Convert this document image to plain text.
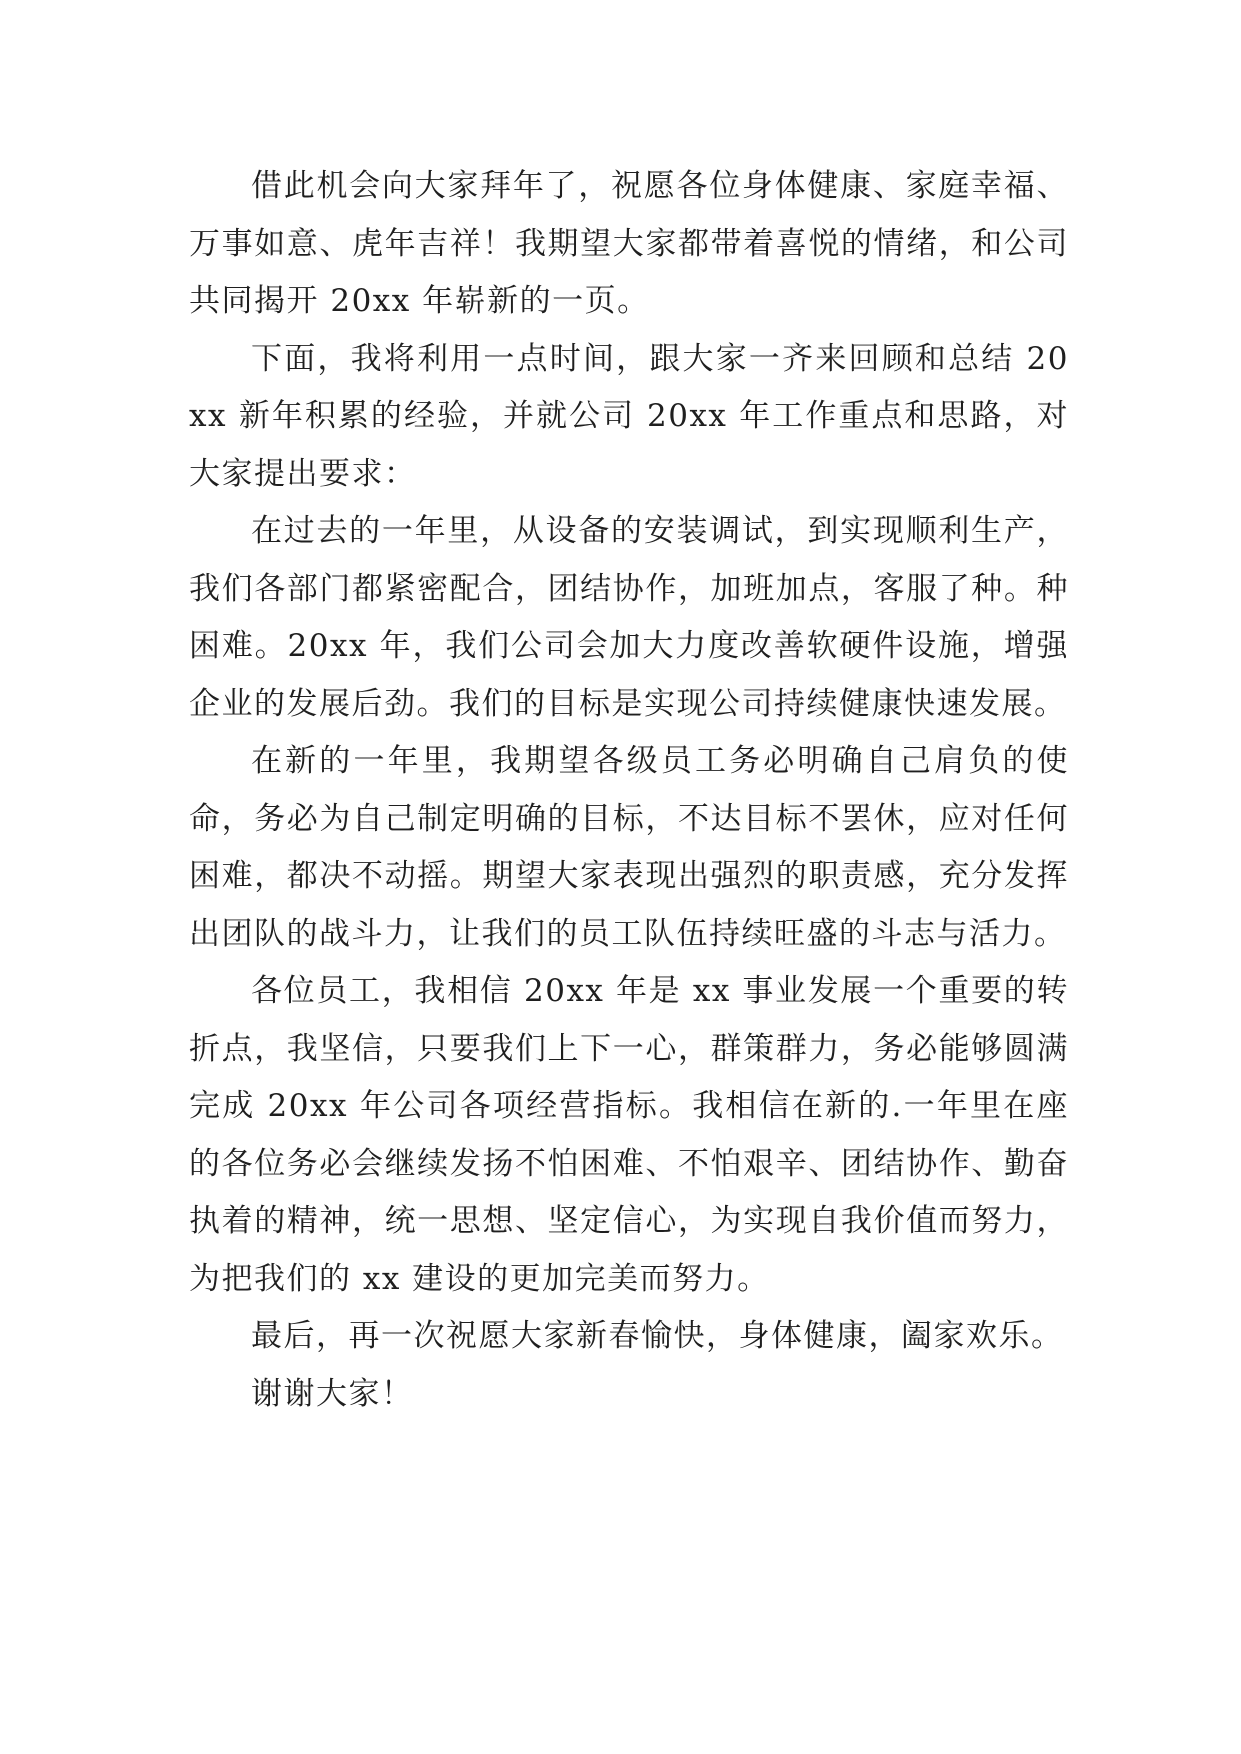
借此机会向大家拜年了，祝愿各位身体健康、家庭幸福、万事如意、虎年吉祥！我期望大家都带着喜悦的情绪，和公司共同揭开 20xx 年崭新的一页。

下面，我将利用一点时间，跟大家一齐来回顾和总结 20xx 新年积累的经验，并就公司 20xx 年工作重点和思路，对大家提出要求：

在过去的一年里，从设备的安装调试，到实现顺利生产，我们各部门都紧密配合，团结协作，加班加点，客服了种。种困难。20xx 年，我们公司会加大力度改善软硬件设施，增强企业的发展后劲。我们的目标是实现公司持续健康快速发展。

在新的一年里，我期望各级员工务必明确自己肩负的使命，务必为自己制定明确的目标，不达目标不罢休，应对任何困难，都决不动摇。期望大家表现出强烈的职责感，充分发挥出团队的战斗力，让我们的员工队伍持续旺盛的斗志与活力。

各位员工，我相信 20xx 年是 xx 事业发展一个重要的转折点，我坚信，只要我们上下一心，群策群力，务必能够圆满完成 20xx 年公司各项经营指标。我相信在新的.一年里在座的各位务必会继续发扬不怕困难、不怕艰辛、团结协作、勤奋执着的精神，统一思想、坚定信心，为实现自我价值而努力，为把我们的 xx 建设的更加完美而努力。

最后，再一次祝愿大家新春愉快，身体健康，阖家欢乐。

谢谢大家！
